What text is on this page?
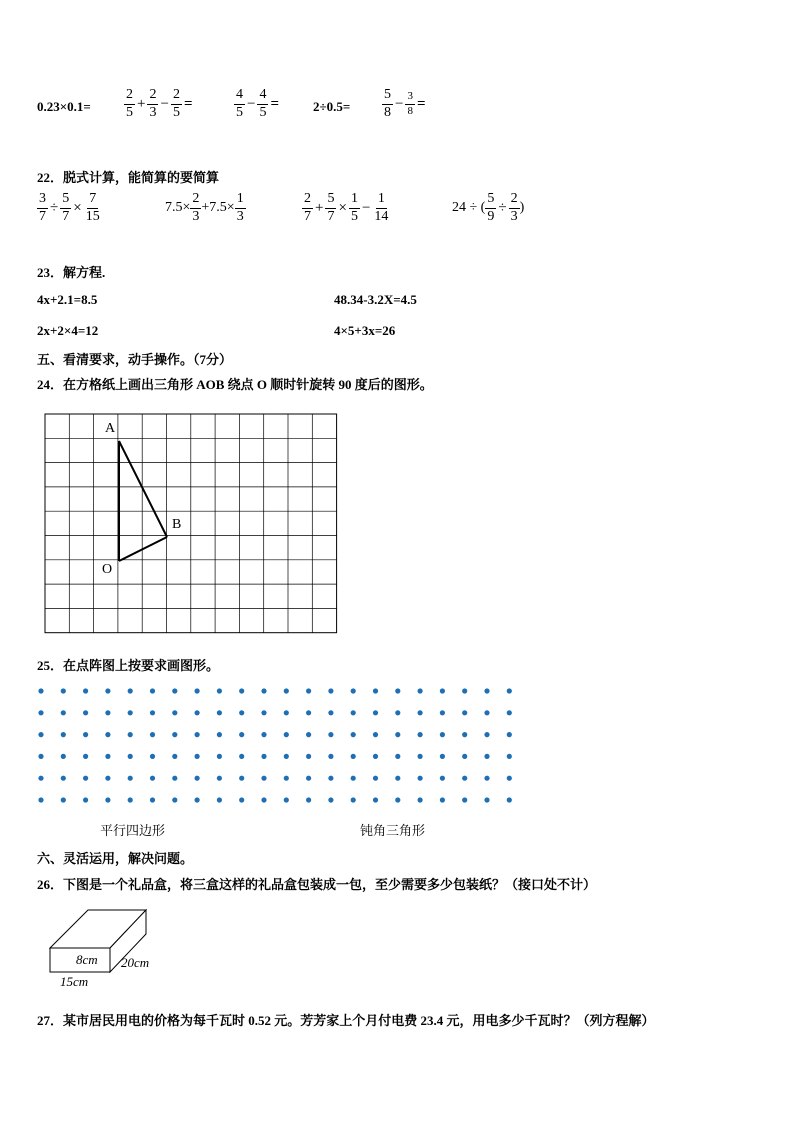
$0.23\times 0.1= \frac{2}{5} + \frac{2}{3} - \frac{2}{5}$ =	$\frac{4}{5} - \frac{4}{5}$ =	$2\div 0.5= \frac{5}{8} - \frac{3}{8}$ =
22．脱式计算，能简算的要简算
$\frac{3}{7} \div \frac{5}{7} \times \frac{7}{15}$	$7.5\times \frac{2}{3} +7.5\times \frac{1}{3}$	$\frac{2}{7} + \frac{5}{7} \times \frac{1}{5} - \frac{1}{14}$	24 ÷ ( $\frac{5}{9} \div \frac{2}{3}$ )
23．解方程.
4x+2.1=8.5	48.34-3.2X=4.5
2x+2×4=12	4×5+3x=26
五、看清要求，动手操作。（7分）
24．在方格纸上画出三角形 AOB 绕点 O 顺时针旋转 90 度后的图形。
A
B
O
25．在点阵图上按要求画图形。
平行四边形	钝角三角形
六、灵活运用，解决问题。
26．下图是一个礼品盒，将三盒这样的礼品盒包装成一包，至少需要多少包装纸？（接口处不计）
8cm 20cm
15cm
27．某市居民用电的价格为每千瓦时 0.52 元。芳芳家上个月付电费 23.4 元，用电多少千瓦时？（列方程解）
